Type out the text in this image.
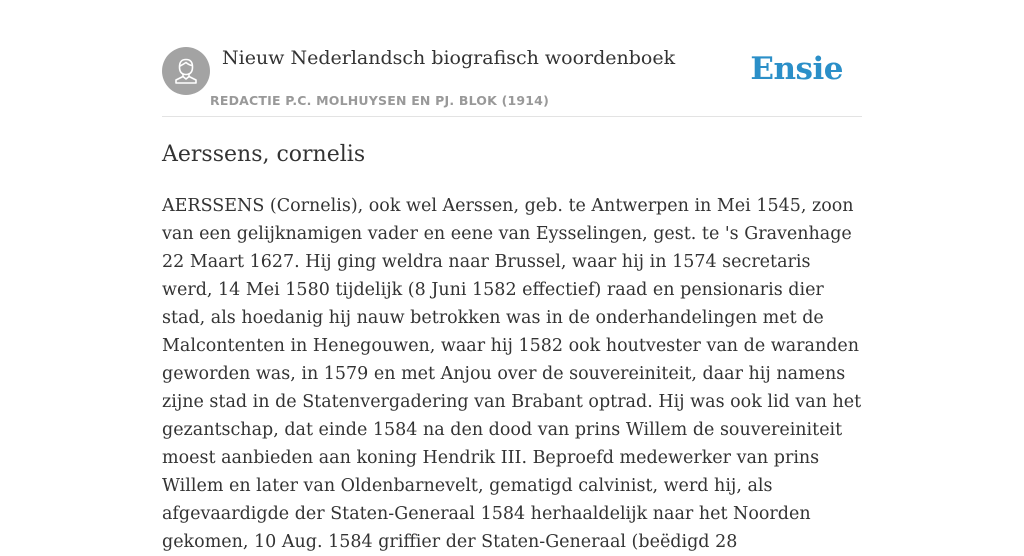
Nieuw Nederlandsch biografisch woordenboek
REDACTIE P.C. MOLHUYSEN EN PJ. BLOK (1914)
Ensie
Aerssens, cornelis

AERSSENS (Cornelis), ook wel Aerssen, geb. te Antwerpen in Mei 1545, zoon van een gelijknamigen vader en eene van Eysselingen, gest. te 's Gravenhage 22 Maart 1627. Hij ging weldra naar Brussel, waar hij in 1574 secretaris werd, 14 Mei 1580 tijdelijk (8 Juni 1582 effectief) raad en pensionaris dier stad, als hoedanig hij nauw betrokken was in de onderhandelingen met de Malcontenten in Henegouwen, waar hij 1582 ook houtvester van de waranden geworden was, in 1579 en met Anjou over de souvereiniteit, daar hij namens zijne stad in de Statenvergadering van Brabant optrad. Hij was ook lid van het gezantschap, dat einde 1584 na den dood van prins Willem de souvereiniteit moest aanbieden aan koning Hendrik III. Beproefd medewerker van prins Willem en later van Oldenbarnevelt, gematigd calvinist, werd hij, als afgevaardigde der Staten-Generaal 1584 herhaaldelijk naar het Noorden gekomen, 10 Aug. 1584 griffier der Staten-Generaal (beëdigd 28
